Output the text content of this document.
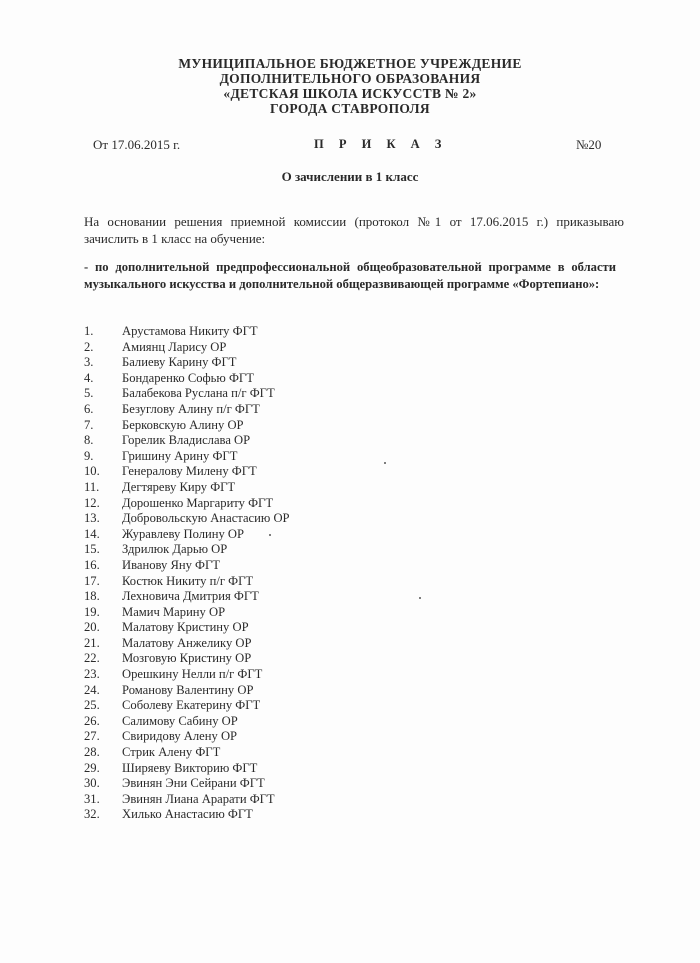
МУНИЦИПАЛЬНОЕ БЮДЖЕТНОЕ УЧРЕЖДЕНИЕ
ДОПОЛНИТЕЛЬНОГО ОБРАЗОВАНИЯ
«ДЕТСКАЯ ШКОЛА ИСКУССТВ № 2»
ГОРОДА СТАВРОПОЛЯ
От 17.06.2015 г.	П Р И К А З	№20
О зачислении в 1 класс
На основании решения приемной комиссии (протокол №1 от 17.06.2015 г.) приказываю зачислить в 1 класс на обучение:
- по дополнительной предпрофессиональной общеобразовательной программе в области музыкального искусства и дополнительной общеразвивающей программе «Фортепиано»:
1. Арустамова Никиту ФГТ
2. Амиянц Ларису ОР
3. Балиеву Карину ФГТ
4. Бондаренко Софью ФГТ
5. Балабекова Руслана п/г ФГТ
6. Безуглову Алину п/г ФГТ
7. Берковскую Алину ОР
8. Горелик Владислава ОР
9. Гришину Арину ФГТ
10. Генералову Милену ФГТ
11. Дегтяреву Киру ФГТ
12. Дорошенко Маргариту ФГТ
13. Добровольскую Анастасию ОР
14. Журавлеву Полину ОР
15. Здрилюк Дарью ОР
16. Иванову Яну ФГТ
17. Костюк Никиту п/г ФГТ
18. Лехновича Дмитрия ФГТ
19. Мамич Марину ОР
20. Малатову Кристину ОР
21. Малатову Анжелику ОР
22. Мозговую Кристину ОР
23. Орешкину Нелли п/г ФГТ
24. Романову Валентину ОР
25. Соболеву Екатерину ФГТ
26. Салимову Сабину ОР
27. Свиридову Алену ОР
28. Стрик Алену ФГТ
29. Ширяеву Викторию ФГТ
30. Эвинян Эни Сейрани ФГТ
31. Эвинян Лиана Арарати ФГТ
32. Хилько Анастасию ФГТ
